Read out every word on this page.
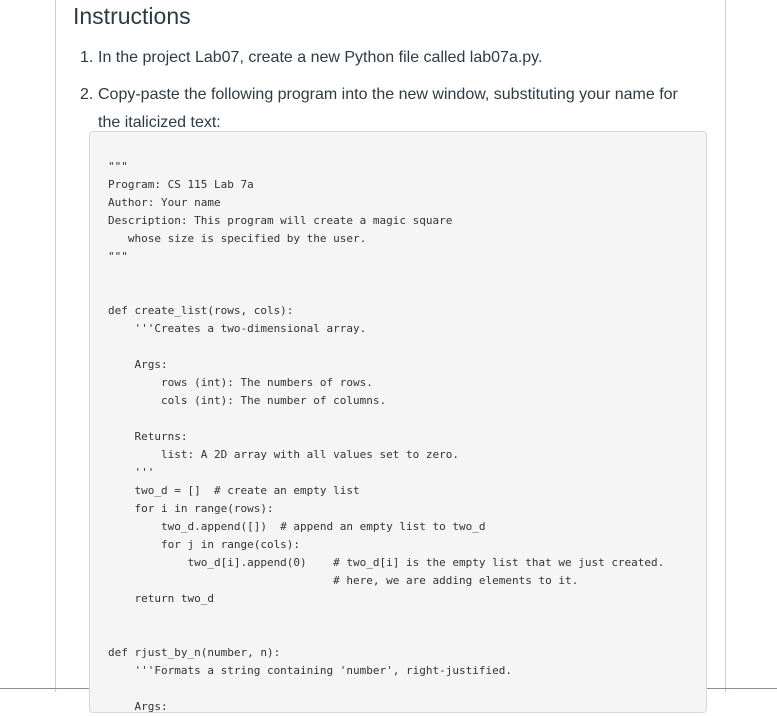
Instructions
1. In the project Lab07, create a new Python file called lab07a.py.
2. Copy-paste the following program into the new window, substituting your name for the italicized text:
"""
Program: CS 115 Lab 7a
Author: Your name
Description: This program will create a magic square
whose size is specified by the user.
"""
def create_list(rows, cols):
'''Creates a two-dimensional array.
Args:
rows (int): The numbers of rows.
cols (int): The number of columns.
Returns:
list: A 2D array with all values set to zero.
'''
two_d = []  # create an empty list
for i in range(rows):
two_d.append([])  # append an empty list to two_d
for j in range(cols):
two_d[i].append(0)    # two_d[i] is the empty list that we just created.
# here, we are adding elements to it.
return two_d
def rjust_by_n(number, n):
'''Formats a string containing 'number', right-justified.
Args:
